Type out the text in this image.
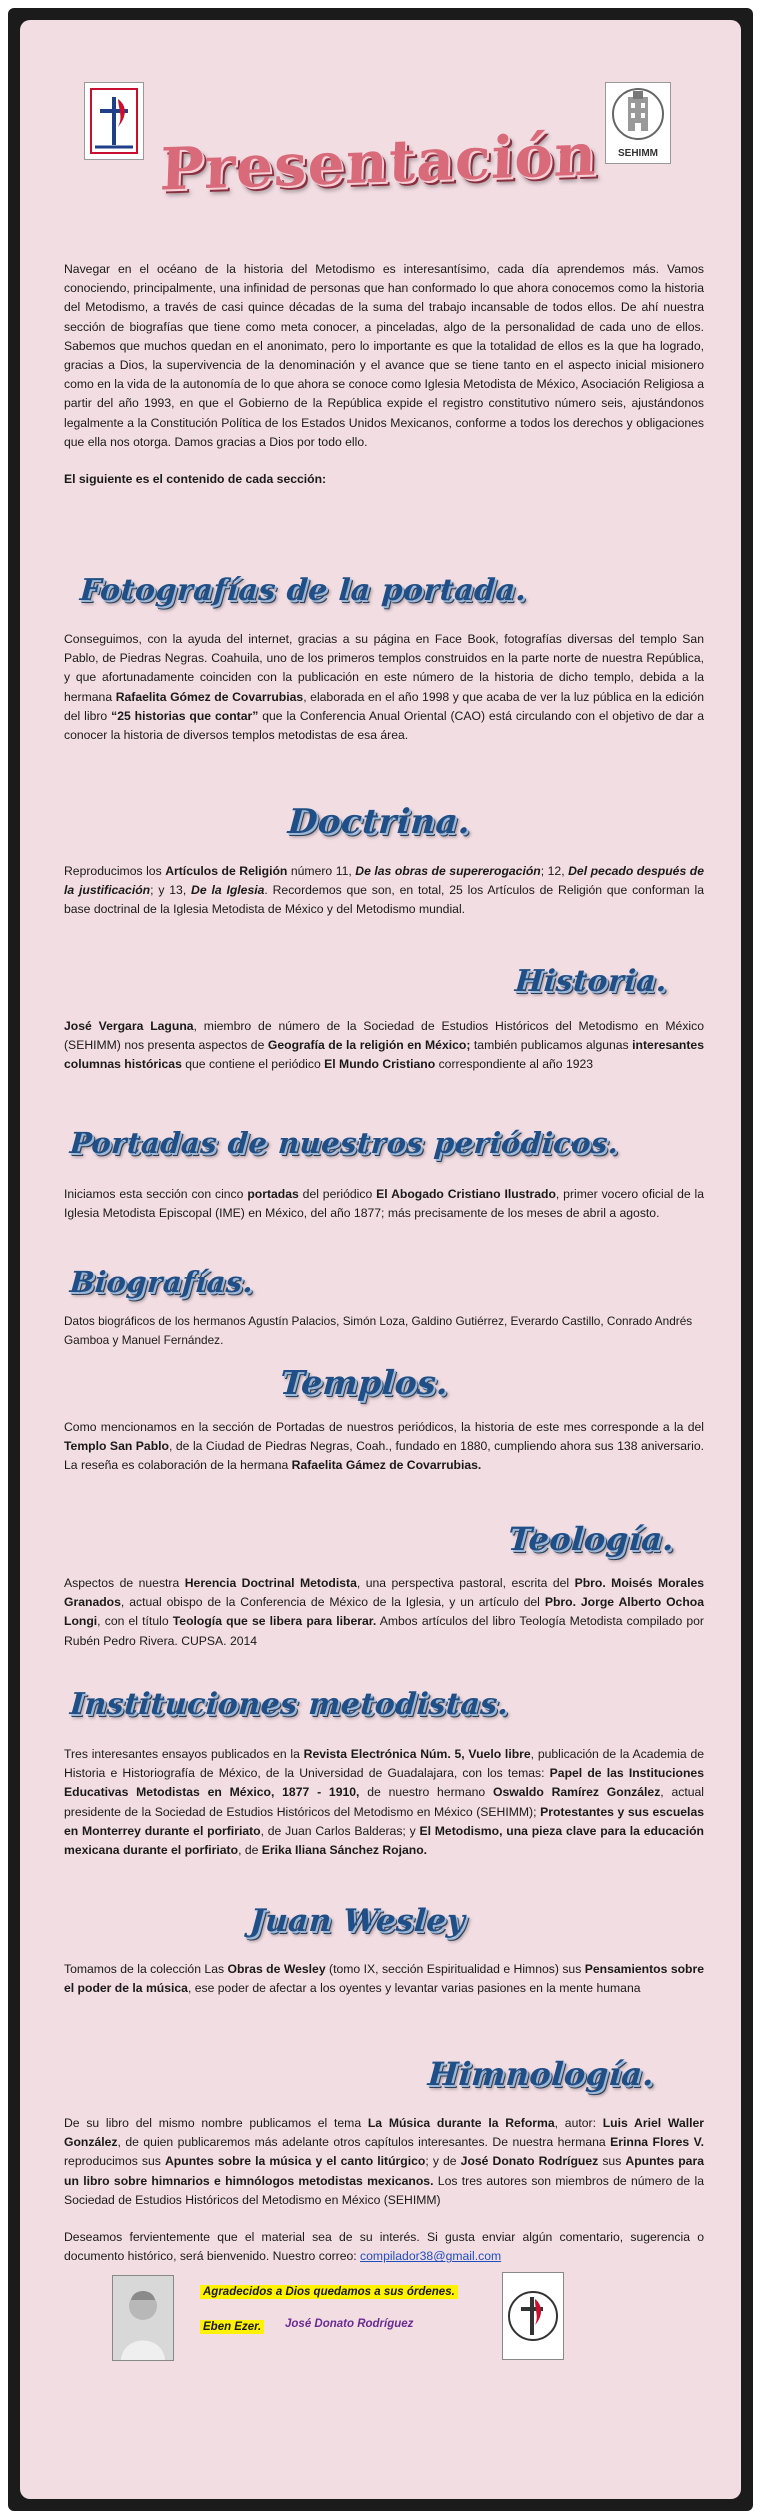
SEHIMM
Presentación

Navegar en el océano de la historia del Metodismo es interesantísimo, cada día aprendemos más. Vamos conociendo, principalmente, una infinidad de personas que han conformado lo que ahora conocemos como la historia del Metodismo, a través de casi quince décadas de la suma del trabajo incansable de todos ellos. De ahí nuestra sección de biografías que tiene como meta conocer, a pinceladas, algo de la personalidad de cada uno de ellos. Sabemos que muchos quedan en el anonimato, pero lo importante es que la totalidad de ellos es la que ha logrado, gracias a Dios, la supervivencia de la denominación y el avance que se tiene tanto en el aspecto inicial misionero como en la vida de la autonomía de lo que ahora se conoce como Iglesia Metodista de México, Asociación Religiosa a partir del año 1993, en que el Gobierno de la República expide el registro constitutivo número seis, ajustándonos legalmente a la Constitución Política de los Estados Unidos Mexicanos, conforme a todos los derechos y obligaciones que ella nos otorga. Damos gracias a Dios por todo ello.

El siguiente es el contenido de cada sección:

Fotografías de la portada.

Conseguimos, con la ayuda del internet, gracias a su página en Face Book, fotografías diversas del templo San Pablo, de Piedras Negras. Coahuila, uno de los primeros templos construidos en la parte norte de nuestra República, y que afortunadamente coinciden con la publicación en este número de la historia de dicho templo, debida a la hermana Rafaelita Gómez de Covarrubias, elaborada en el año 1998 y que acaba de ver la luz pública en la edición del libro “25 historias que contar” que la Conferencia Anual Oriental (CAO) está circulando con el objetivo de dar a conocer la historia de diversos templos metodistas de esa área.

Doctrina.

Reproducimos los Artículos de Religión número 11, De las obras de supererogación; 12, Del pecado después de la justificación; y 13, De la Iglesia. Recordemos que son, en total, 25 los Artículos de Religión que conforman la base doctrinal de la Iglesia Metodista de México y del Metodismo mundial.

Historia.

José Vergara Laguna, miembro de número de la Sociedad de Estudios Históricos del Metodismo en México (SEHIMM) nos presenta aspectos de Geografía de la religión en México; también publicamos algunas interesantes columnas históricas que contiene el periódico El Mundo Cristiano correspondiente al año 1923

Portadas de nuestros periódicos.

Iniciamos esta sección con cinco portadas del periódico El Abogado Cristiano Ilustrado, primer vocero oficial de la Iglesia Metodista Episcopal (IME) en México, del año 1877; más precisamente de los meses de abril a agosto.

Biografías.

Datos biográficos de los hermanos Agustín Palacios, Simón Loza, Galdino Gutiérrez, Everardo Castillo, Conrado Andrés Gamboa y Manuel Fernández.

Templos.

Como mencionamos en la sección de Portadas de nuestros periódicos, la historia de este mes corresponde a la del Templo San Pablo, de la Ciudad de Piedras Negras, Coah., fundado en 1880, cumpliendo ahora sus 138 aniversario. La reseña es colaboración de la hermana Rafaelita Gámez de Covarrubias.

Teología.

Aspectos de nuestra Herencia Doctrinal Metodista, una perspectiva pastoral, escrita del Pbro. Moisés Morales Granados, actual obispo de la Conferencia de México de la Iglesia, y un artículo del Pbro. Jorge Alberto Ochoa Longi, con el título Teología que se libera para liberar. Ambos artículos del libro Teología Metodista compilado por Rubén Pedro Rivera. CUPSA. 2014

Instituciones metodistas.

Tres interesantes ensayos publicados en la Revista Electrónica Núm. 5, Vuelo libre, publicación de la Academia de Historia e Historiografía de México, de la Universidad de Guadalajara, con los temas: Papel de las Instituciones Educativas Metodistas en México, 1877 - 1910, de nuestro hermano Oswaldo Ramírez González, actual presidente de la Sociedad de Estudios Históricos del Metodismo en México (SEHIMM); Protestantes y sus escuelas en Monterrey durante el porfiriato, de Juan Carlos Balderas; y El Metodismo, una pieza clave para la educación mexicana durante el porfiriato, de Erika Iliana Sánchez Rojano.

Juan Wesley

Tomamos de la colección Las Obras de Wesley (tomo IX, sección Espiritualidad e Himnos) sus Pensamientos sobre el poder de la música, ese poder de afectar a los oyentes y levantar varias pasiones en la mente humana

Himnología.

De su libro del mismo nombre publicamos el tema La Música durante la Reforma, autor: Luis Ariel Waller González, de quien publicaremos más adelante otros capítulos interesantes. De nuestra hermana Erinna Flores V. reproducimos sus Apuntes sobre la música y el canto litúrgico; y de José Donato Rodríguez sus Apuntes para un libro sobre himnarios e himnólogos metodistas mexicanos. Los tres autores son miembros de número de la Sociedad de Estudios Históricos del Metodismo en México (SEHIMM)

Deseamos fervientemente que el material sea de su interés. Si gusta enviar algún comentario, sugerencia o documento histórico, será bienvenido. Nuestro correo: compilador38@gmail.com

Agradecidos a Dios quedamos a sus órdenes.
Eben Ezer. José Donato Rodríguez
